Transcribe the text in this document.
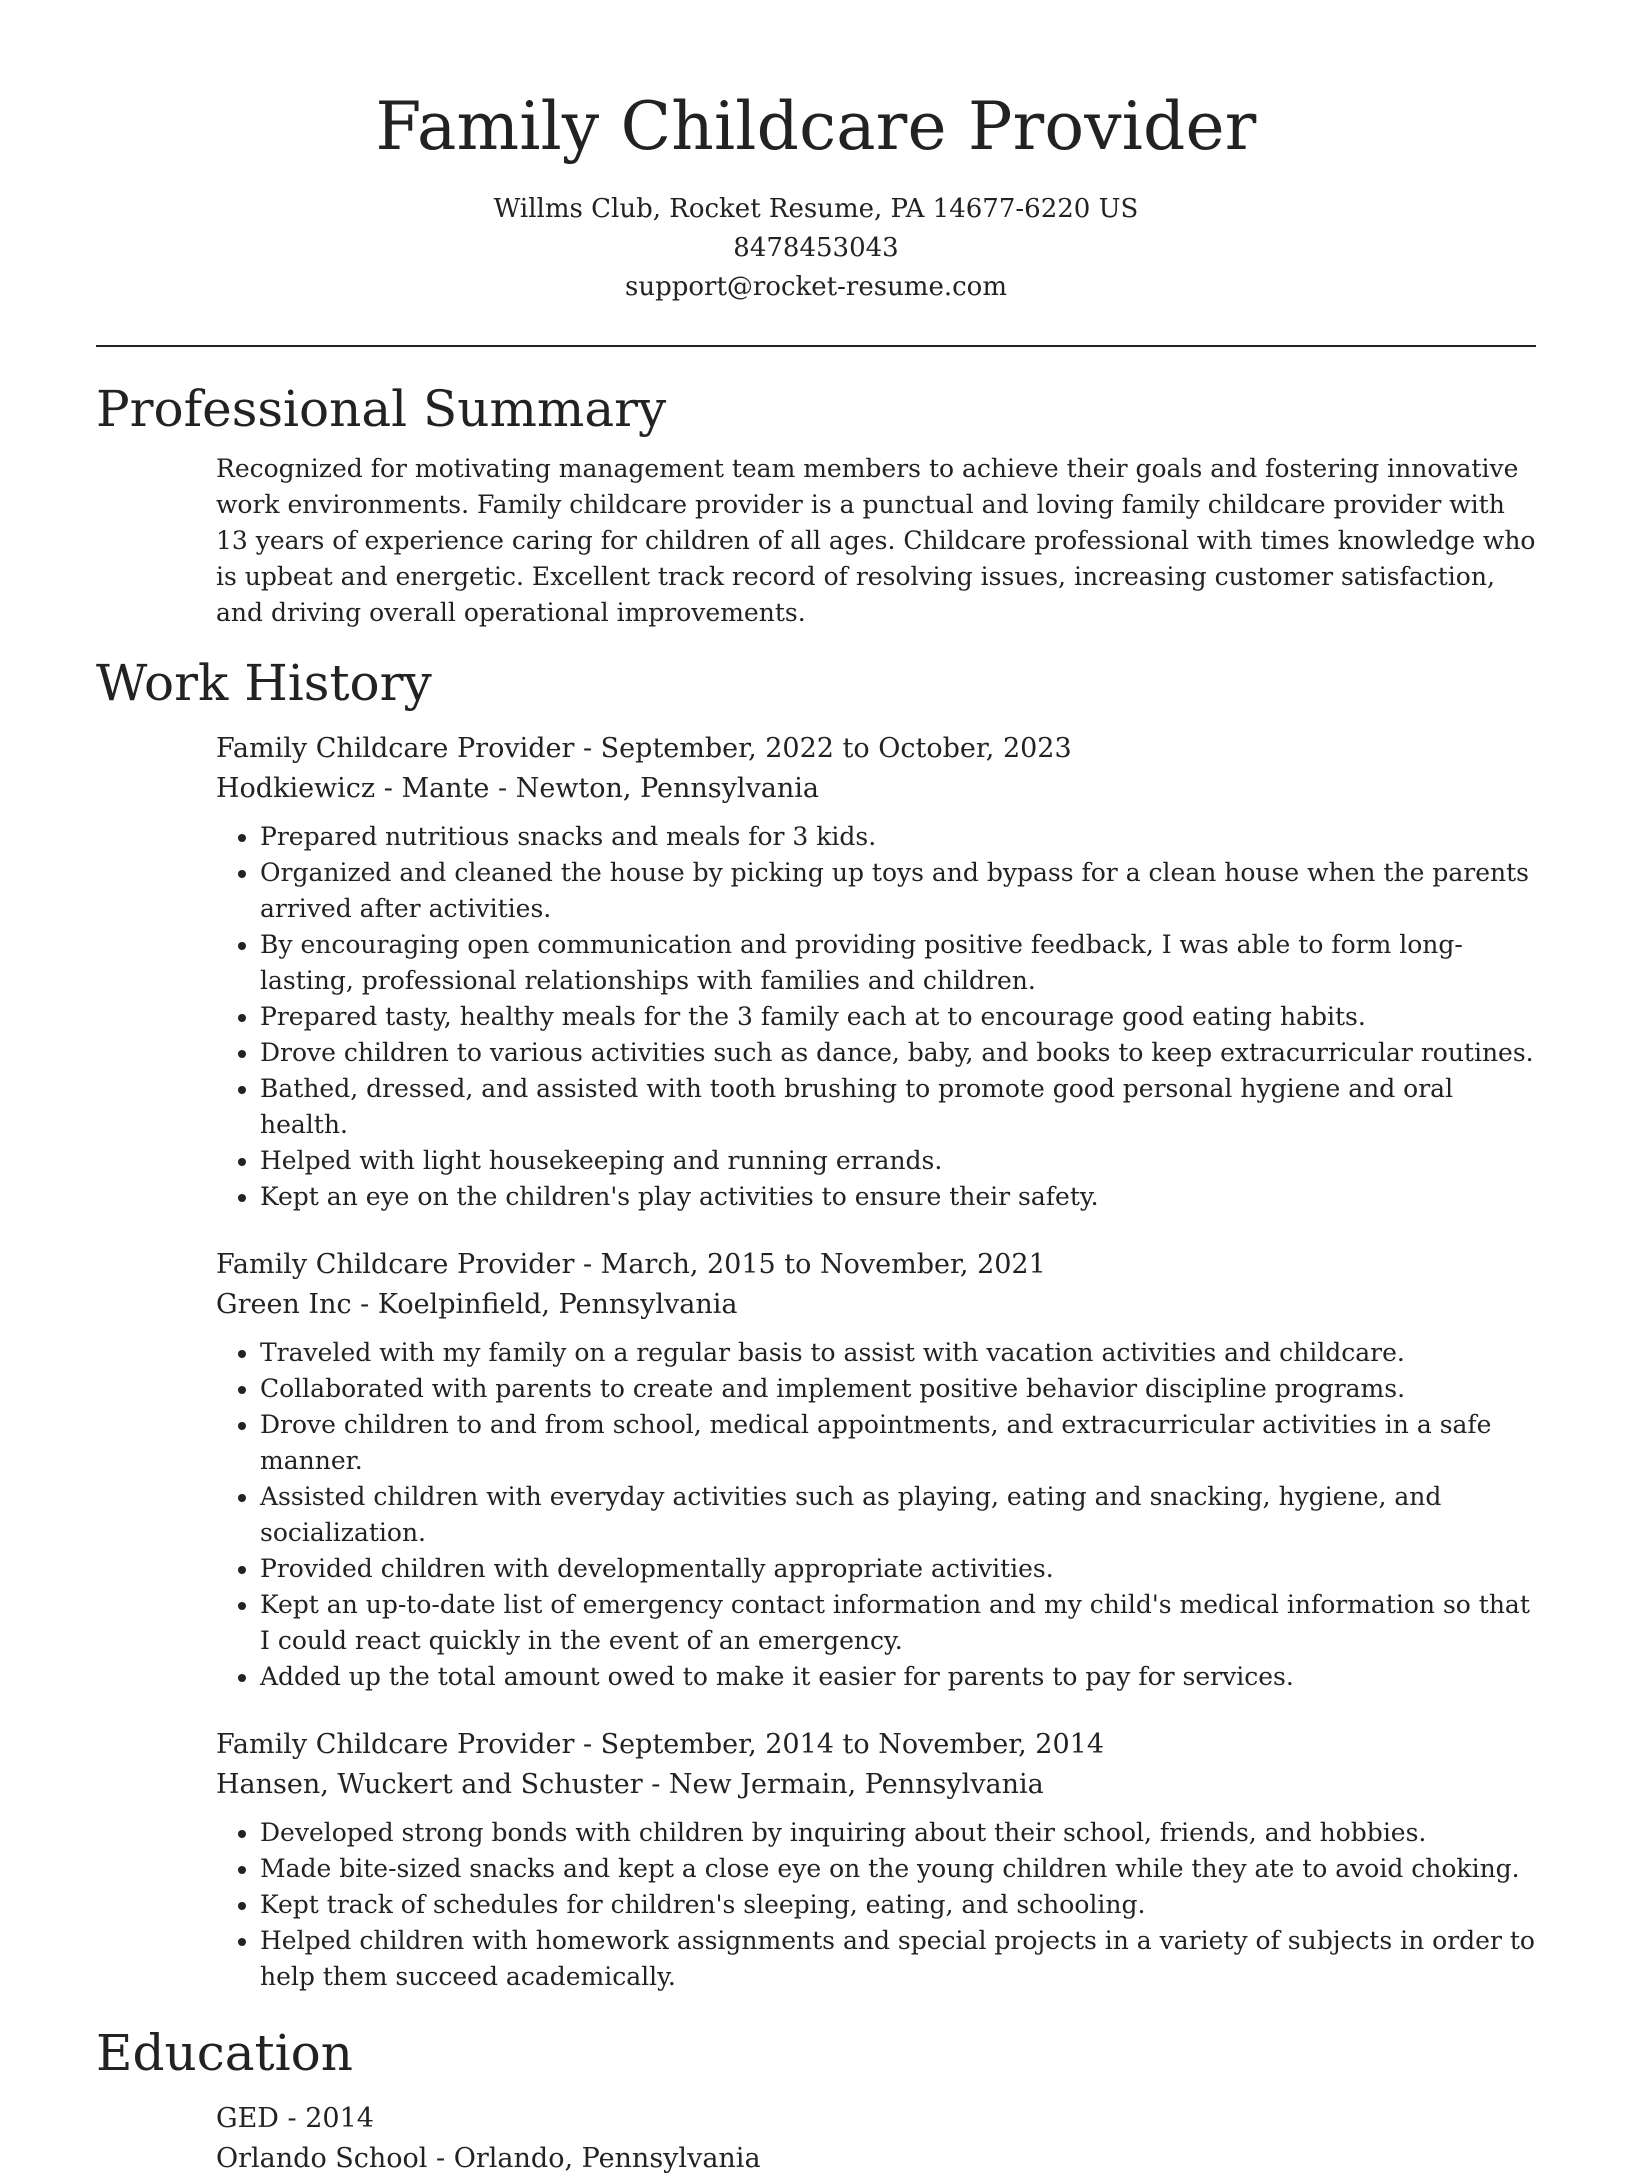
Family Childcare Provider

Willms Club, Rocket Resume, PA 14677-6220 US

8478453043

support@rocket-resume.com

Professional Summary

Recognized for motivating management team members to achieve their goals and fostering innovative work environments. Family childcare provider is a punctual and loving family childcare provider with 13 years of experience caring for children of all ages. Childcare professional with times knowledge who is upbeat and energetic. Excellent track record of resolving issues, increasing customer satisfaction, and driving overall operational improvements.

Work History

Family Childcare Provider - September, 2022 to October, 2023

Hodkiewicz - Mante - Newton, Pennsylvania

• Prepared nutritious snacks and meals for 3 kids.
• Organized and cleaned the house by picking up toys and bypass for a clean house when the parents arrived after activities.
• By encouraging open communication and providing positive feedback, I was able to form long-lasting, professional relationships with families and children.
• Prepared tasty, healthy meals for the 3 family each at to encourage good eating habits.
• Drove children to various activities such as dance, baby, and books to keep extracurricular routines.
• Bathed, dressed, and assisted with tooth brushing to promote good personal hygiene and oral health.
• Helped with light housekeeping and running errands.
• Kept an eye on the children's play activities to ensure their safety.

Family Childcare Provider - March, 2015 to November, 2021

Green Inc - Koelpinfield, Pennsylvania

• Traveled with my family on a regular basis to assist with vacation activities and childcare.
• Collaborated with parents to create and implement positive behavior discipline programs.
• Drove children to and from school, medical appointments, and extracurricular activities in a safe manner.
• Assisted children with everyday activities such as playing, eating and snacking, hygiene, and socialization.
• Provided children with developmentally appropriate activities.
• Kept an up-to-date list of emergency contact information and my child's medical information so that I could react quickly in the event of an emergency.
• Added up the total amount owed to make it easier for parents to pay for services.

Family Childcare Provider - September, 2014 to November, 2014

Hansen, Wuckert and Schuster - New Jermain, Pennsylvania

• Developed strong bonds with children by inquiring about their school, friends, and hobbies.
• Made bite-sized snacks and kept a close eye on the young children while they ate to avoid choking.
• Kept track of schedules for children's sleeping, eating, and schooling.
• Helped children with homework assignments and special projects in a variety of subjects in order to help them succeed academically.
Education

GED - 2014

Orlando School - Orlando, Pennsylvania
